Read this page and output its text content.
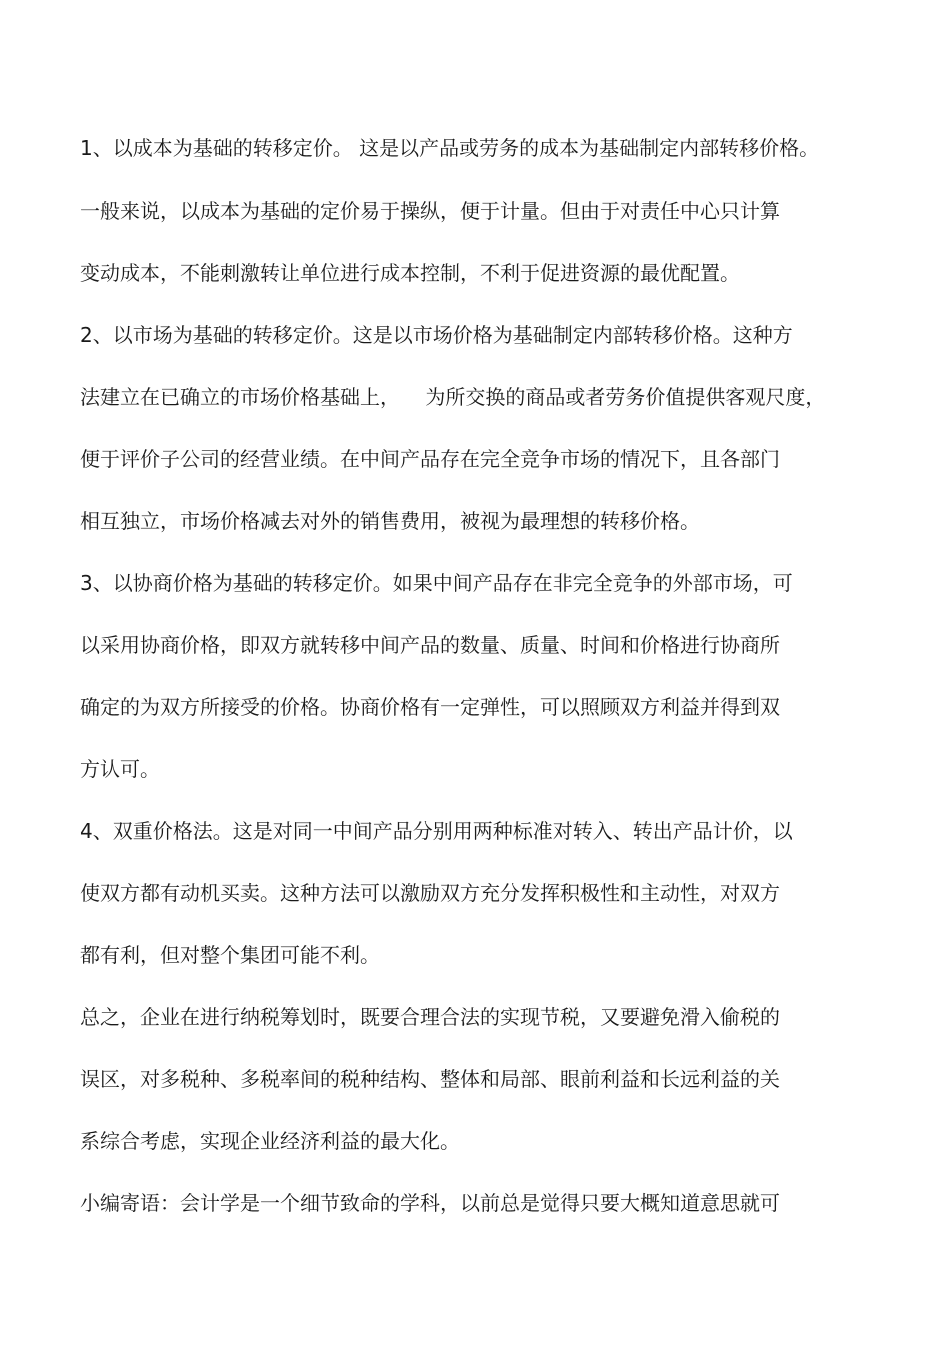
1、以成本为基础的转移定价。 这是以产品或劳务的成本为基础制定内部转移价格。
一般来说，以成本为基础的定价易于操纵，便于计量。但由于对责任中心只计算
变动成本，不能刺激转让单位进行成本控制，不利于促进资源的最优配置。
2、以市场为基础的转移定价。这是以市场价格为基础制定内部转移价格。这种方
法建立在已确立的市场价格基础上，    为所交换的商品或者劳务价值提供客观尺度，
便于评价子公司的经营业绩。在中间产品存在完全竞争市场的情况下，且各部门
相互独立，市场价格减去对外的销售费用，被视为最理想的转移价格。
3、以协商价格为基础的转移定价。如果中间产品存在非完全竞争的外部市场，可
以采用协商价格，即双方就转移中间产品的数量、质量、时间和价格进行协商所
确定的为双方所接受的价格。协商价格有一定弹性，可以照顾双方利益并得到双
方认可。
4、双重价格法。这是对同一中间产品分别用两种标准对转入、转出产品计价，以
使双方都有动机买卖。这种方法可以激励双方充分发挥积极性和主动性，对双方
都有利，但对整个集团可能不利。
总之，企业在进行纳税筹划时，既要合理合法的实现节税，又要避免滑入偷税的
误区，对多税种、多税率间的税种结构、整体和局部、眼前利益和长远利益的关
系综合考虑，实现企业经济利益的最大化。
小编寄语：会计学是一个细节致命的学科，以前总是觉得只要大概知道意思就可
